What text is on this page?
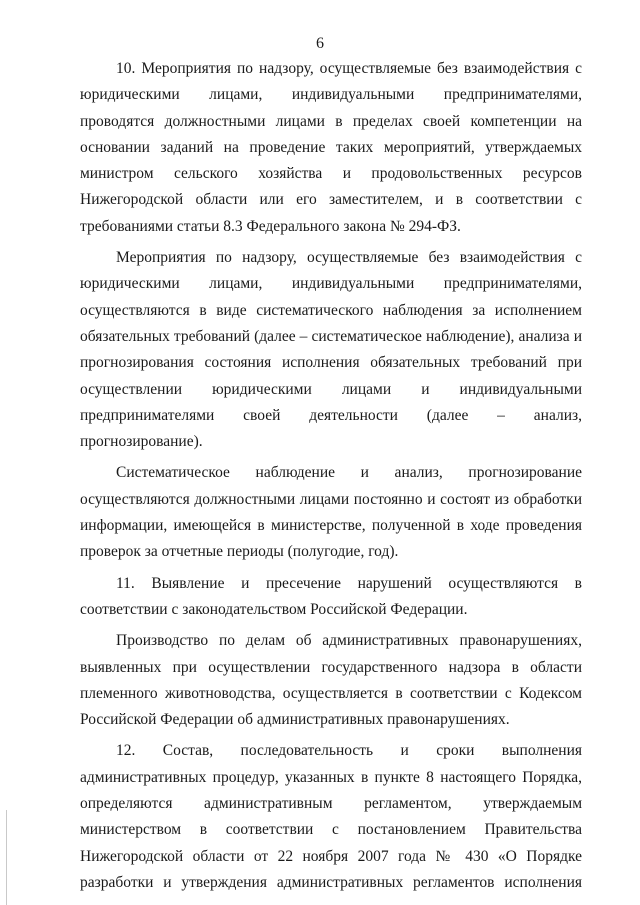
6

10. Мероприятия по надзору, осуществляемые без взаимодействия с юридическими лицами, индивидуальными предпринимателями, проводятся должностными лицами в пределах своей компетенции на основании заданий на проведение таких мероприятий, утверждаемых министром сельского хозяйства и продовольственных ресурсов Нижегородской области или его заместителем, и в соответствии с требованиями статьи 8.3 Федерального закона № 294-ФЗ.

Мероприятия по надзору, осуществляемые без взаимодействия с юридическими лицами, индивидуальными предпринимателями, осуществляются в виде систематического наблюдения за исполнением обязательных требований (далее – систематическое наблюдение), анализа и прогнозирования состояния исполнения обязательных требований при осуществлении юридическими лицами и индивидуальными предпринимателями своей деятельности (далее – анализ, прогнозирование).

Систематическое наблюдение и анализ, прогнозирование осуществляются должностными лицами постоянно и состоят из обработки информации, имеющейся в министерстве, полученной в ходе проведения проверок за отчетные периоды (полугодие, год).

11. Выявление и пресечение нарушений осуществляются в соответствии с законодательством Российской Федерации.

Производство по делам об административных правонарушениях, выявленных при осуществлении государственного надзора в области племенного животноводства, осуществляется в соответствии с Кодексом Российской Федерации об административных правонарушениях.

12. Состав, последовательность и сроки выполнения административных процедур, указанных в пункте 8 настоящего Порядка, определяются административным регламентом, утверждаемым министерством в соответствии с постановлением Правительства Нижегородской области от 22 ноября 2007 года № 430 «О Порядке разработки и утверждения административных регламентов исполнения
